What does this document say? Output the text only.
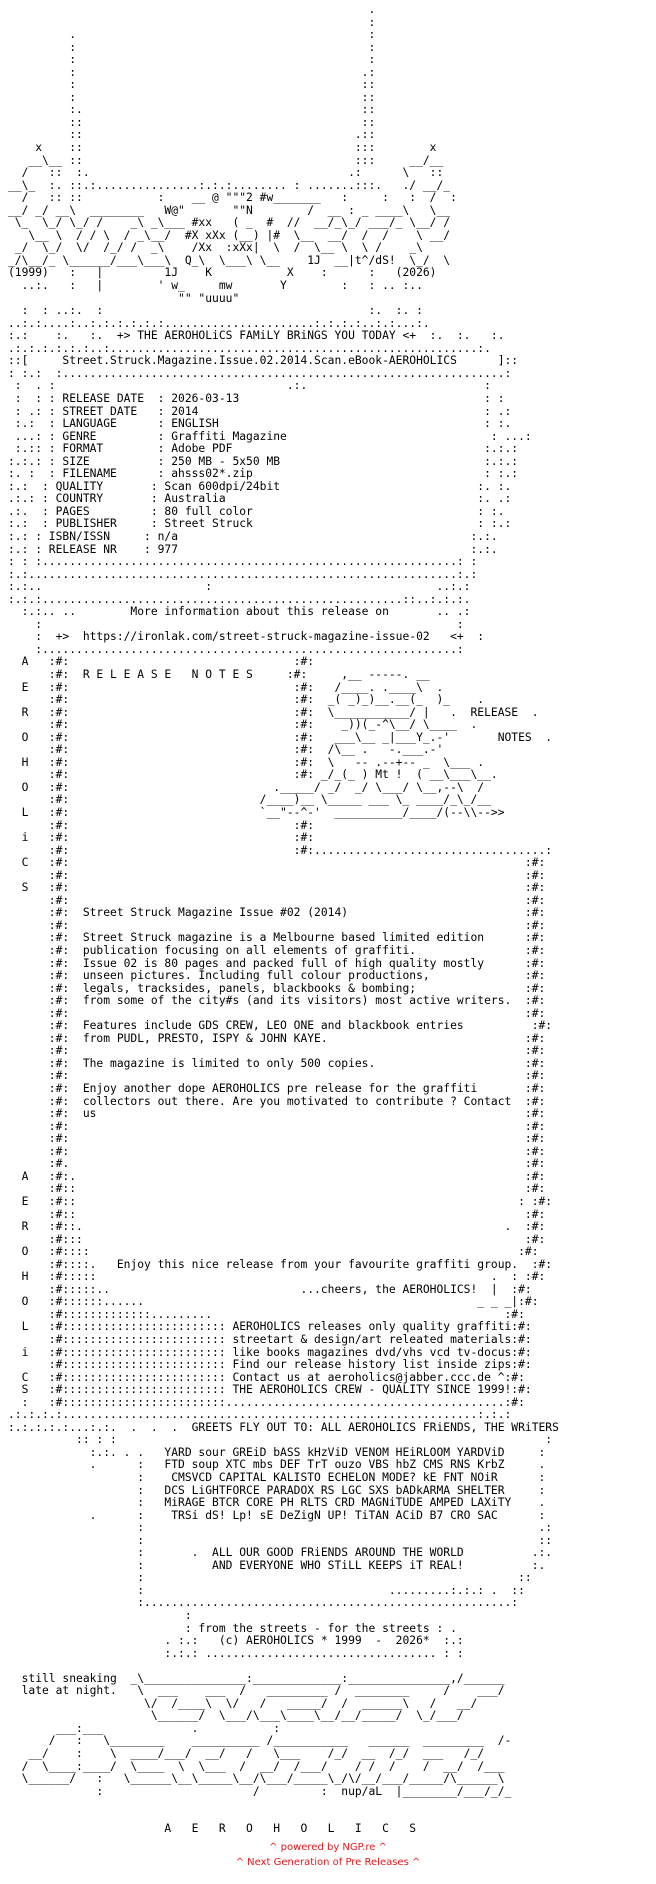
.
:
.                                           :
:                                           :
:                                           :
:                                          .:
:                                          ::
:                                          ::
:.                                         ::
::                                         ::
::                                        .::
x    ::                                        :::        x
__\__ ::                                        :::     __/__
/   ::  :.                                      .:      \   ::
__\_  :. ::.:...............:.:.:........ : .......:::.   ./ __/_
/   :: ::           :    __ @ """2 #w_______   :     :   :  /  :
__/ _/ __\  ________   W@"       ""N        /  __ : _ ____\   \__
\_  \_/ \_/ /    _\ _\___ #xx   ( _  #  //  __/_\_/ ___/_ \__/ /
\__ \  / / \  / _\__/  #X xXx (__) |#  \__  __/  /  /    \ __/
_/  \_/  \/  /_/ /  _\    /Xx  :xXx|  \  /  \__ \  \ /    _\
_/\__/_ \______/___\___\  Q_\  \___\ \__    1J  __|t^/dS!  \_/  \
(1999)   :   |         1J    K           X    :      :   (2026)
..:.   :   |        ' w_     mw       Y        :   : .. :..
"" "uuuu"
:  : ..:.  :                                       :.  :. :
..:.:....:..:.:.:.:.:.:......................:.:.:.:..:.:...:.
:.:    :.   :.  +> THE AEROHOLiCS FAMiLY BRiNGS YOU TODAY <+  :.  :.   :.
.:.:.:.:.:.:..:......................................................:.
::[     Street.Struck.Magazine.Issue.02.2014.Scan.eBook-AEROHOLICS      ]::
: :.:  :.................................................................:
:  . :                                  .:.                          :
:  : : RELEASE DATE  : 2026-03-13                                    : :
: .: : STREET DATE   : 2014                                          : .:
:.:  : LANGUAGE      : ENGLISH                                       : :.
...: : GENRE         : Graffiti Magazine                              : ...:
:.:: : FORMAT        : Adobe PDF                                     :.:.:
:.:.: : SIZE          : 250 MB - 5x50 MB                              :.:.:
:. :  : FILENAME      : ahsss02*.zip                                  : :.:
:.:  : QUALITY       : Scan 600dpi/24bit                             :. :.
.:.: : COUNTRY       : Australia                                     :. .:
.:.  : PAGES         : 80 full color                                 : :.
:.:  : PUBLISHER     : Street Struck                                 : :.:
:.: : ISBN/ISSN     : n/a                                           :.:.
:.: : RELEASE NR    : 977                                           :.:.
: : :.............................................................: :
:.:...............................................................:.:
:.:..                        :                                 ..:.:
:.:.:.....................................................::..:.:.:.
:.:.. ..        More information about this release on       .. .:
:                                                             :
:  +>  https://ironlak.com/street-struck-magazine-issue-02   <+  :
:.............................................................:
A   :#:                                 :#:
:#:  R E L E A S E   N O T E S     :#:     ,__ -----. __
E   :#:                                 :#:   /____. .____\  .
:#:                                 :#:  _( _)_)__.__(_  )_    .
R   :#:                                 :#:  \___________/ |   .  RELEASE  .
:#:                                 :#:    _))(_-^\__/ \____  .
O   :#:                                 :#:   ___\__ _|___Y_.-'       NOTES  .
:#:                                 :#:  /\__ .   -.___.-'
H   :#:                                 :#:  \   -- .--+-- _  \___ .
:#:                                 :#: _/_(_ ) Mt !  ( __\___\__.
O   :#:                              ._____/ _/  _/ \___/ \__,--\  /
:#:                            /____)__ \_____ ___ \_ ____/_\_/__
L   :#:                            `__"--^-'  __________/____/(--\\-->>
:#:                                 :#:
i   :#:                                 :#:
:#:                                 :#:..................................:
C   :#:                                                                   :#:
:#:                                                                   :#:
S   :#:                                                                   :#:
:#:                                                                   :#:
:#:  Street Struck Magazine Issue #02 (2014)                          :#:
:#:                                                                   :#:
:#:  Street Struck magazine is a Melbourne based limited edition      :#:
:#:  publication focusing on all elements of graffiti.                :#:
:#:  Issue 02 is 80 pages and packed full of high quality mostly      :#:
:#:  unseen pictures. Including full colour productions,              :#:
:#:  legals, tracksides, panels, blackbooks & bombing;                :#:
:#:  from some of the city#s (and its visitors) most active writers.  :#:
:#:                                                                   :#:
:#:  Features include GDS CREW, LEO ONE and blackbook entries          :#:
:#:  from PUDL, PRESTO, ISPY & JOHN KAYE.                             :#:
:#:                                                                   :#:
:#:  The magazine is limited to only 500 copies.                      :#:
:#:                                                                   :#:
:#:  Enjoy another dope AEROHOLICS pre release for the graffiti       :#:
:#:  collectors out there. Are you motivated to contribute ? Contact  :#:
:#:  us                                                               :#:
:#:                                                                   :#:
:#:                                                                   :#:
:#:                                                                   :#:
:#.                                                                   :#:
A   :#:.                                                                  :#:
:#::                                                                  :#:
E   :#::                                                                 : :#:
:#::                                                                  :#:
R   :#::.                                                              .  :#:
:#:::                                                                 :#:
O   :#::::                                                               :#:
:#::::.   Enjoy this nice release from your favourite graffiti group.  :#:
H   :#:::::                                                          .  : :#:
:#:::::..                            ...cheers, the AEROHOLICS!  |  :#:
O   :#::::::......                                                 _ _ _|:#:
:#:::::::::::::.........                                           :#:
L   :#:::::::::::::::::::::::: AEROHOLICS releases only quality graffiti:#:
:#:::::::::::::::::::::::: streetart & design/art releated materials:#:
i   :#:::::::::::::::::::::::: like books magazines dvd/vhs vcd tv-docus:#:
:#:::::::::::::::::::::::: Find our release history list inside zips:#:
C   :#:::::::::::::::::::::::: Contact us at aeroholics@jabber.ccc.de ^:#:
S   :#:::::::::::::::::::::::: THE AEROHOLICS CREW - QUALITY SINCE 1999!:#:
:   :#::::::::::::::::::::::::.........................................:#:
.:.:.:.:.............................................................:.:.:
:.:.:.:.:...:.:.  .  .  .  GREETS FLY OUT TO: ALL AEROHOLICS FRiENDS, THE WRiTERS
:: : :                                                               :
:.:. . .   YARD sour GREiD bASS kHzViD VENOM HEiRLOOM YARDViD     :
.      :   FTD soup XTC mbs DEF TrT ouzo VBS hbZ CMS RNS KrbZ     .
:    CMSVCD CAPITAL KALISTO ECHELON MODE? kE FNT NOiR      :
:   DCS LiGHTFORCE PARADOX RS LGC SXS bADkARMA SHELTER     :
:   MiRAGE BTCR CORE PH RLTS CRD MAGNiTUDE AMPED LAXiTY    .
.      :    TRSi dS! Lp! sE DeZigN UP! TiTAN ACiD B7 CRO SAC      :
:                                                          .:
:                                                          ::
:       .  ALL OUR GOOD FRiENDS AROUND THE WORLD          .:.
:          AND EVERYONE WHO STiLL KEEPS iT REAL!          :.
:                                                       ::
:                                    .........:.:.: .  ::
:......................................................:
:
: from the streets - for the streets : .
. :.:   (c) AEROHOLICS * 1999  -  2026*  :.:
:.:.: .................................. : :

still sneaking  _\_______________:_____________:_______________,/______
late at night.   \  ___    ___  /   _________ /  ________     /    ___/
\/  /____\  \/   /   _____/  /  ______\   /   __/
\______/  \___/\___\____\__/__/_____/  \_/___/
___:___             .           :
/   :   \________    __________ /___________   ______  _________  /-
__/    :    \  ____/___/  __/   /   \___    /_/  __  /_/  ___   /_/
/  \____:____/  \____  \  \___  /  __/  /___/    / /  /    /  __/  /___
\______/   :   \______\__\_____\__/\___/_____\_/\/__/___/_____/\______\
:                      /         :  nup/aL  |________/___/_/_

A   E   R   O   H   O   L   I   C   S

^ powered by NGP.re ^
^ Next Generation of Pre Releases ^
